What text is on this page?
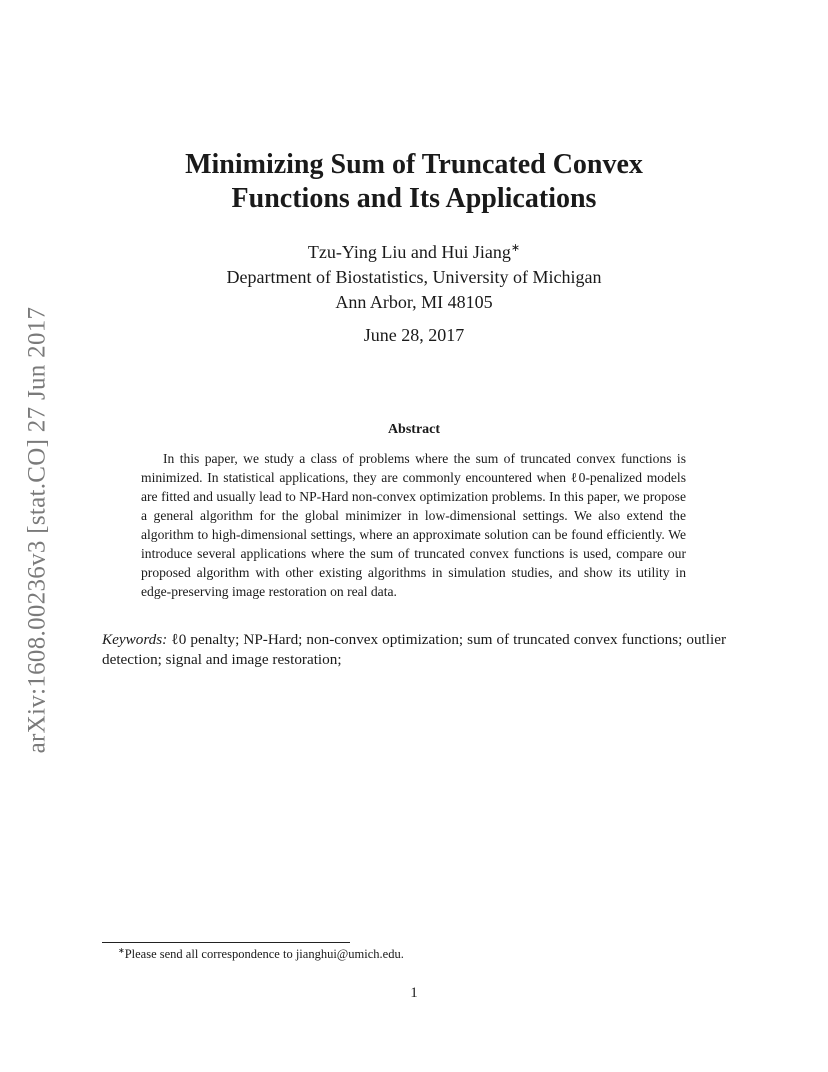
arXiv:1608.00236v3 [stat.CO] 27 Jun 2017
Minimizing Sum of Truncated Convex
Functions and Its Applications
Tzu-Ying Liu and Hui Jiang∗
Department of Biostatistics, University of Michigan
Ann Arbor, MI 48105
June 28, 2017
Abstract

In this paper, we study a class of problems where the sum of truncated convex functions is minimized. In statistical applications, they are commonly encountered when ℓ0-penalized models are fitted and usually lead to NP-Hard non-convex optimization problems. In this paper, we propose a general algorithm for the global minimizer in low-dimensional settings. We also extend the algorithm to high-dimensional settings, where an approximate solution can be found efficiently. We introduce several applications where the sum of truncated convex functions is used, compare our proposed algorithm with other existing algorithms in simulation studies, and show its utility in edge-preserving image restoration on real data.

Keywords: ℓ0 penalty; NP-Hard; non-convex optimization; sum of truncated convex functions; outlier detection; signal and image restoration;

∗Please send all correspondence to jianghui@umich.edu.

1
